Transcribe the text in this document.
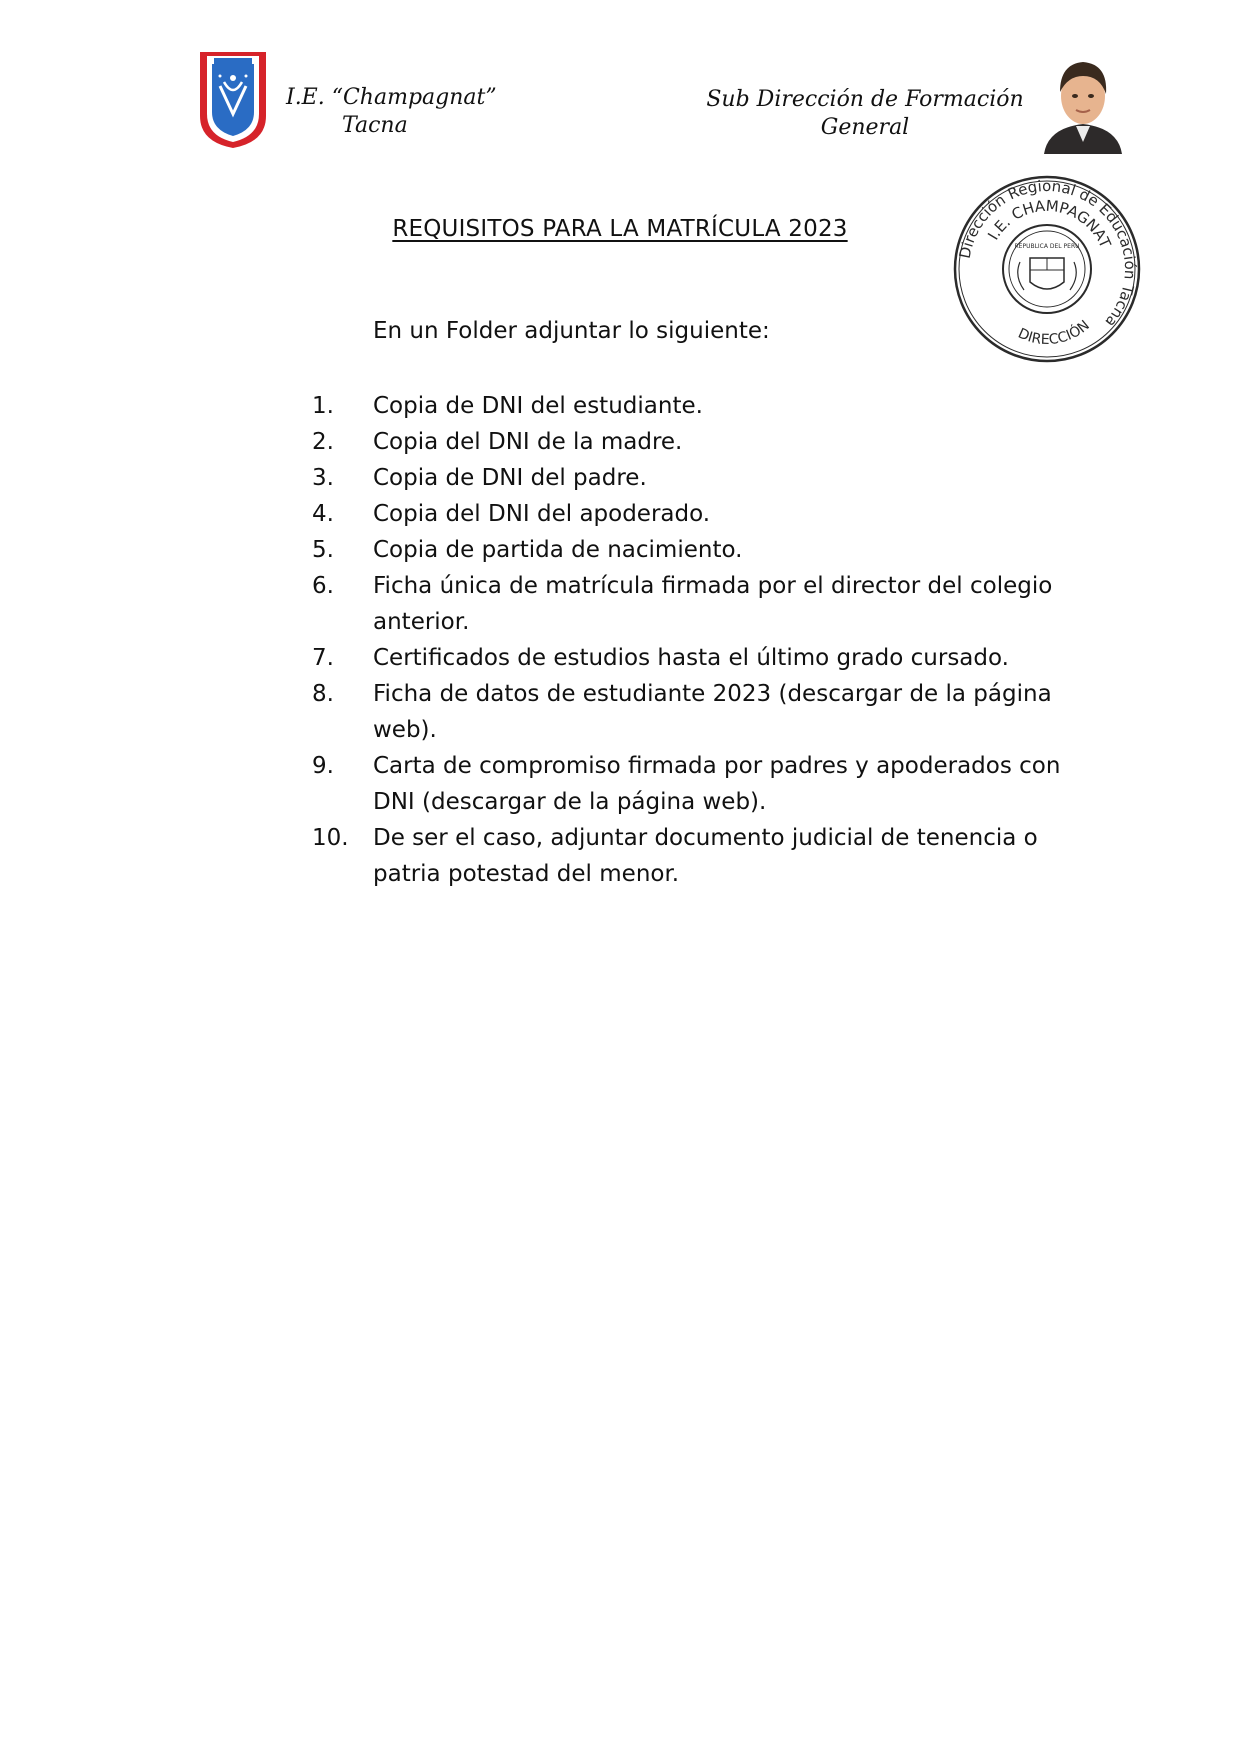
I.E. “Champagnat”
Tacna
Sub Dirección de Formación
General
REQUISITOS PARA LA MATRÍCULA 2023
Dirección Regional de Educación Tacna
I.E. CHAMPAGNAT
DIRECCIÓN
REPUBLICA DEL PERU
En un Folder adjuntar lo siguiente:
1.	Copia de DNI del estudiante.
2.	Copia del DNI de la madre.
3.	Copia de DNI del padre.
4.	Copia del DNI del apoderado.
5.	Copia de partida de nacimiento.
6.	Ficha única de matrícula firmada por el director del colegio anterior.
7.	Certificados de estudios hasta el último grado cursado.
8.	Ficha de datos de estudiante 2023 (descargar de la página web).
9.	Carta de compromiso firmada por padres y apoderados con DNI (descargar de la página web).
10.	De ser el caso, adjuntar documento judicial de tenencia o patria potestad del menor.
